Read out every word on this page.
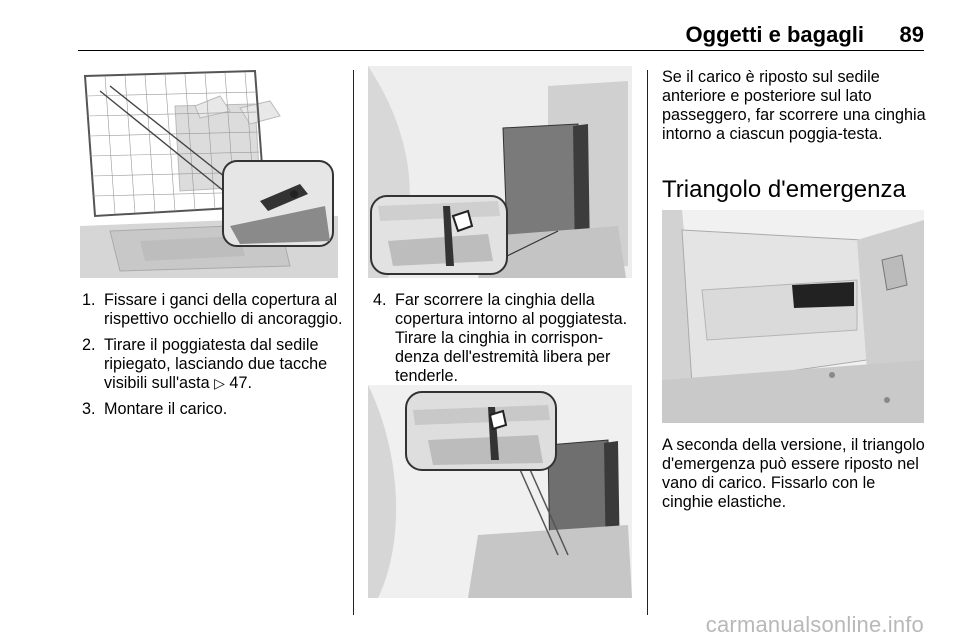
Oggetti e bagagli 89
1. Fissare i ganci della copertura al rispettivo occhiello di ancoraggio.
2. Tirare il poggiatesta dal sedile ripiegato, lasciando due tacche visibili sull'asta ▷ 47.
3. Montare il carico.
4. Far scorrere la cinghia della copertura intorno al poggiatesta. Tirare la cinghia in corrispon-denza dell'estremità libera per tenderle.

Se il carico è riposto sul sedile anteriore e posteriore sul lato passeggero, far scorrere una cinghia intorno a ciascun poggia-testa.

Triangolo d'emergenza

A seconda della versione, il triangolo d'emergenza può essere riposto nel vano di carico. Fissarlo con le cinghie elastiche.

carmanualsonline.info
